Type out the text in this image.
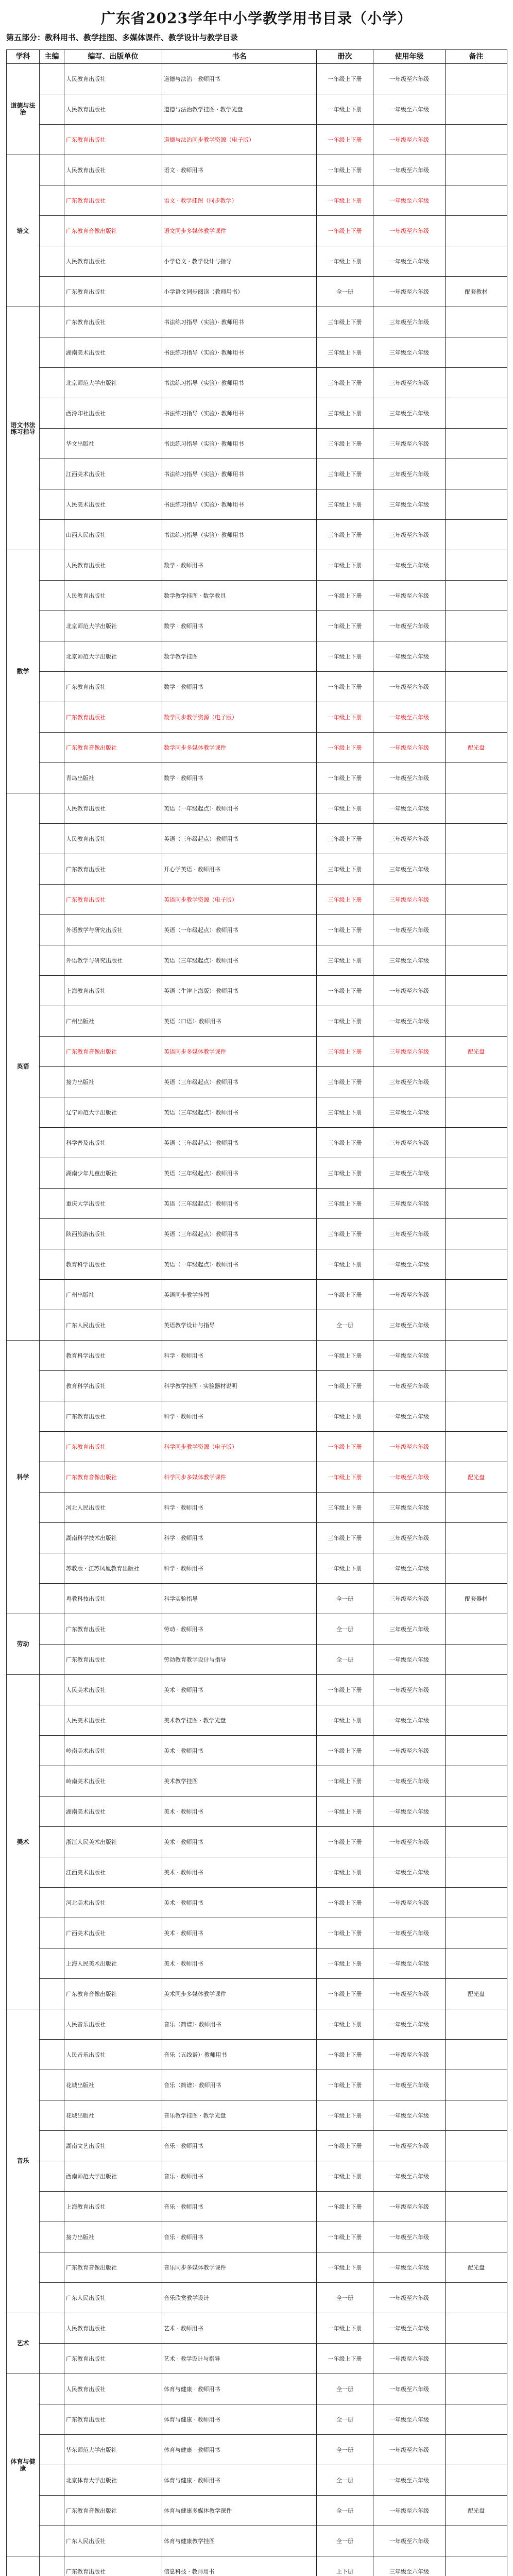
广东省2023学年中小学教学用书目录（小学）
第五部分：教科用书、教学挂图、多媒体课件、教学设计与教学目录
学科	主编	编写、出版单位	书名	册次	使用年级	备注
道德与法治		人民教育出版社	道德与法治 · 教师用书	一年级上下册	一年级至六年级	
		人民教育出版社	道德与法治教学挂图 · 教学光盘	一年级上下册	一年级至六年级	
		广东教育出版社	道德与法治同步教学资源（电子版）	一年级上下册	一年级至六年级	
语文		人民教育出版社	语文 · 教师用书	一年级上下册	一年级至六年级	
		广东教育出版社	语文 · 教学挂图（同步教学）	一年级上下册	一年级至六年级	
		广东教育音像出版社	语文同步多媒体教学课件	一年级上下册	一年级至六年级	
		人民教育出版社	小学语文 · 教学设计与指导	一年级上下册	一年级至六年级	
		广东教育出版社	小学语文同步阅读（教师用书）	全一册	一年级至六年级	配套教材
语文书法练习指导		广东教育出版社	书法练习指导（实验）· 教师用书	三年级上下册	三年级至六年级	
		湖南美术出版社	书法练习指导（实验）· 教师用书	三年级上下册	三年级至六年级	
		北京师范大学出版社	书法练习指导（实验）· 教师用书	三年级上下册	三年级至六年级	
		西泠印社出版社	书法练习指导（实验）· 教师用书	三年级上下册	三年级至六年级	
		华文出版社	书法练习指导（实验）· 教师用书	三年级上下册	三年级至六年级	
		江西美术出版社	书法练习指导（实验）· 教师用书	三年级上下册	三年级至六年级	
		人民美术出版社	书法练习指导（实验）· 教师用书	三年级上下册	三年级至六年级	
		山西人民出版社	书法练习指导（实验）· 教师用书	三年级上下册	三年级至六年级	
数学		人民教育出版社	数学 · 教师用书	一年级上下册	一年级至六年级	
		人民教育出版社	数学教学挂图 · 数学教具	一年级上下册	一年级至六年级	
		北京师范大学出版社	数学 · 教师用书	一年级上下册	一年级至六年级	
		北京师范大学出版社	数学教学挂图	一年级上下册	一年级至六年级	
		广东教育出版社	数学 · 教师用书	一年级上下册	一年级至六年级	
		广东教育出版社	数学同步教学资源（电子版）	一年级上下册	一年级至六年级	
		广东教育音像出版社	数学同步多媒体教学课件	一年级上下册	一年级至六年级	配光盘
		青岛出版社	数学 · 教师用书	一年级上下册	一年级至六年级	
英语		人民教育出版社	英语（一年级起点）· 教师用书	一年级上下册	一年级至六年级	
		人民教育出版社	英语（三年级起点）· 教师用书	三年级上下册	三年级至六年级	
		广东教育出版社	开心学英语 · 教师用书	三年级上下册	三年级至六年级	
		广东教育出版社	英语同步教学资源（电子版）	三年级上下册	三年级至六年级	
		外语教学与研究出版社	英语（一年级起点）· 教师用书	一年级上下册	一年级至六年级	
		外语教学与研究出版社	英语（三年级起点）· 教师用书	三年级上下册	三年级至六年级	
		上海教育出版社	英语（牛津上海版）· 教师用书	一年级上下册	一年级至六年级	
		广州出版社	英语（口语）· 教师用书	一年级上下册	一年级至六年级	
		广东教育音像出版社	英语同步多媒体教学课件	三年级上下册	三年级至六年级	配光盘
		接力出版社	英语（三年级起点）· 教师用书	三年级上下册	三年级至六年级	
		辽宁师范大学出版社	英语（三年级起点）· 教师用书	三年级上下册	三年级至六年级	
		科学普及出版社	英语（三年级起点）· 教师用书	三年级上下册	三年级至六年级	
		湖南少年儿童出版社	英语（三年级起点）· 教师用书	三年级上下册	三年级至六年级	
		重庆大学出版社	英语（三年级起点）· 教师用书	三年级上下册	三年级至六年级	
		陕西旅游出版社	英语（三年级起点）· 教师用书	三年级上下册	三年级至六年级	
		教育科学出版社	英语（一年级起点）· 教师用书	一年级上下册	一年级至六年级	
		广州出版社	英语同步教学挂图	一年级上下册	一年级至六年级	
		广东人民出版社	英语教学设计与指导	全一册	三年级至六年级	
科学		教育科学出版社	科学 · 教师用书	一年级上下册	一年级至六年级	
		教育科学出版社	科学教学挂图 · 实验器材说明	一年级上下册	一年级至六年级	
		广东教育出版社	科学 · 教师用书	一年级上下册	一年级至六年级	
		广东教育出版社	科学同步教学资源（电子版）	一年级上下册	一年级至六年级	
		广东教育音像出版社	科学同步多媒体教学课件	一年级上下册	一年级至六年级	配光盘
		河北人民出版社	科学 · 教师用书	三年级上下册	三年级至六年级	
		湖南科学技术出版社	科学 · 教师用书	三年级上下册	三年级至六年级	
		苏教版 · 江苏凤凰教育出版社	科学 · 教师用书	一年级上下册	一年级至六年级	
		粤教科技出版社	科学实验指导	全一册	三年级至六年级	配套器材
劳动		广东教育出版社	劳动 · 教师用书	全一册	三年级至六年级	
		广东教育出版社	劳动教育教学设计与指导	全一册	一年级至六年级	
美术		人民美术出版社	美术 · 教师用书	一年级上下册	一年级至六年级	
		人民美术出版社	美术教学挂图 · 教学光盘	一年级上下册	一年级至六年级	
		岭南美术出版社	美术 · 教师用书	一年级上下册	一年级至六年级	
		岭南美术出版社	美术教学挂图	一年级上下册	一年级至六年级	
		湖南美术出版社	美术 · 教师用书	一年级上下册	一年级至六年级	
		浙江人民美术出版社	美术 · 教师用书	一年级上下册	一年级至六年级	
		江西美术出版社	美术 · 教师用书	一年级上下册	一年级至六年级	
		河北美术出版社	美术 · 教师用书	一年级上下册	一年级至六年级	
		广西美术出版社	美术 · 教师用书	一年级上下册	一年级至六年级	
		上海人民美术出版社	美术 · 教师用书	一年级上下册	一年级至六年级	
		广东教育音像出版社	美术同步多媒体教学课件	一年级上下册	一年级至六年级	配光盘
音乐		人民音乐出版社	音乐（简谱）· 教师用书	一年级上下册	一年级至六年级	
		人民音乐出版社	音乐（五线谱）· 教师用书	一年级上下册	一年级至六年级	
		花城出版社	音乐（简谱）· 教师用书	一年级上下册	一年级至六年级	
		花城出版社	音乐教学挂图 · 教学光盘	一年级上下册	一年级至六年级	
		湖南文艺出版社	音乐 · 教师用书	一年级上下册	一年级至六年级	
		西南师范大学出版社	音乐 · 教师用书	一年级上下册	一年级至六年级	
		上海教育出版社	音乐 · 教师用书	一年级上下册	一年级至六年级	
		接力出版社	音乐 · 教师用书	一年级上下册	一年级至六年级	
		广东教育音像出版社	音乐同步多媒体教学课件	一年级上下册	一年级至六年级	配光盘
		广东人民出版社	音乐欣赏教学设计	全一册	一年级至六年级	
艺术		人民教育出版社	艺术 · 教师用书	一年级上下册	一年级至六年级	
		广东教育出版社	艺术 · 教学设计与指导	一年级上下册	一年级至六年级	
体育与健康		人民教育出版社	体育与健康 · 教师用书	全一册	一年级至六年级	
		广东教育出版社	体育与健康 · 教师用书	全一册	一年级至六年级	
		华东师范大学出版社	体育与健康 · 教师用书	全一册	一年级至六年级	
		北京体育大学出版社	体育与健康 · 教师用书	全一册	一年级至六年级	
		广东教育音像出版社	体育与健康多媒体教学课件	全一册	一年级至六年级	配光盘
		广东人民出版社	体育与健康教学挂图	全一册	一年级至六年级	
		广东教育出版社	信息科技 · 教师用书	上下册	三年级至六年级	
